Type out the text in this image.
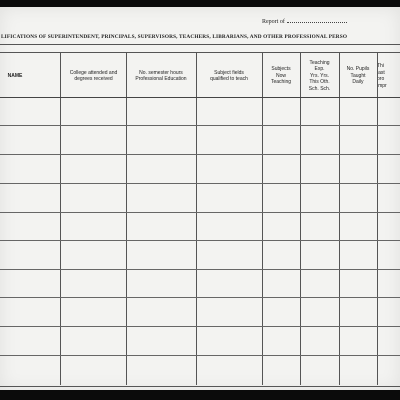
Report of
LIFICATIONS OF SUPERINTENDENT, PRINCIPALS, SUPERVISORS, TEACHERS, LIBRARIANS, AND OTHER PROFESSIONAL PERSO
NAME
College attended and
degrees received
No. semester hours
Professional Education
Subject fields
qualified to teach
Subjects
Now
Teaching
Teaching
Exp.
Yrs. Yrs.
This Oth.
Sch. Sch.
No. Pupils
Taught
Daily
Thi
last
pro
impr
